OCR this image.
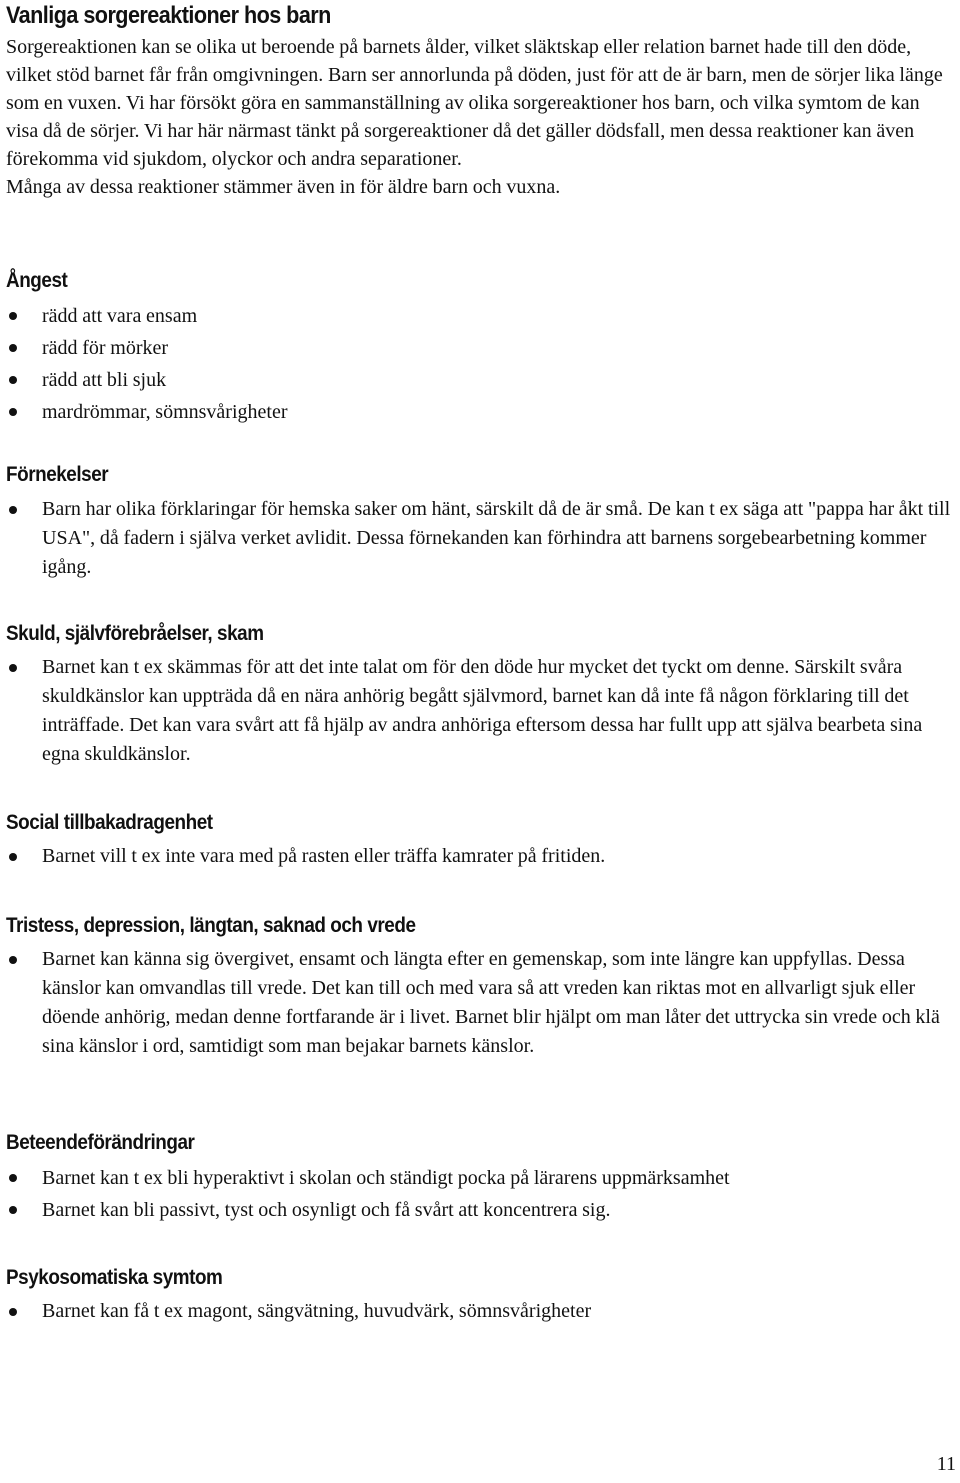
Vanliga sorgereaktioner hos barn

Sorgereaktionen kan se olika ut beroende på barnets ålder, vilket släktskap eller relation barnet hade till den döde, vilket stöd barnet får från omgivningen. Barn ser annorlunda på döden, just för att de är barn, men de sörjer lika länge som en vuxen. Vi har försökt göra en sammanställning av olika sorgereaktioner hos barn, och vilka symtom de kan visa då de sörjer. Vi har här närmast tänkt på sorgereaktioner då det gäller dödsfall, men dessa reaktioner kan även förekomma vid sjukdom, olyckor och andra separationer.

Många av dessa reaktioner stämmer även in för äldre barn och vuxna.

Ångest
rädd att vara ensam
rädd för mörker
rädd att bli sjuk
mardrömmar, sömnsvårigheter
Förnekelser
Barn har olika förklaringar för hemska saker om hänt, särskilt då de är små. De kan t ex säga att "pappa har åkt till USA", då fadern i själva verket avlidit. Dessa förnekanden kan förhindra att barnens sorgebearbetning kommer igång.
Skuld, självförebråelser, skam
Barnet kan t ex skämmas för att det inte talat om för den döde hur mycket det tyckt om denne. Särskilt svåra skuldkänslor kan uppträda då en nära anhörig begått självmord, barnet kan då inte få någon förklaring till det inträffade. Det kan vara svårt att få hjälp av andra anhöriga eftersom dessa har fullt upp att själva bearbeta sina egna skuldkänslor.
Social tillbakadragenhet
Barnet vill t ex inte vara med på rasten eller träffa kamrater på fritiden.
Tristess, depression, längtan, saknad och vrede
Barnet kan känna sig övergivet, ensamt och längta efter en gemenskap, som inte längre kan uppfyllas. Dessa känslor kan omvandlas till vrede. Det kan till och med vara så att vreden kan riktas mot en allvarligt sjuk eller döende anhörig, medan denne fortfarande är i livet. Barnet blir hjälpt om man låter det uttrycka sin vrede och klä sina känslor i ord, samtidigt som man bejakar barnets känslor.
Beteendeförändringar
Barnet kan t ex bli hyperaktivt i skolan och ständigt pocka på lärarens uppmärksamhet
Barnet kan bli passivt, tyst och osynligt och få svårt att koncentrera sig.
Psykosomatiska symtom
Barnet kan få t ex magont, sängvätning, huvudvärk, sömnsvårigheter
11
